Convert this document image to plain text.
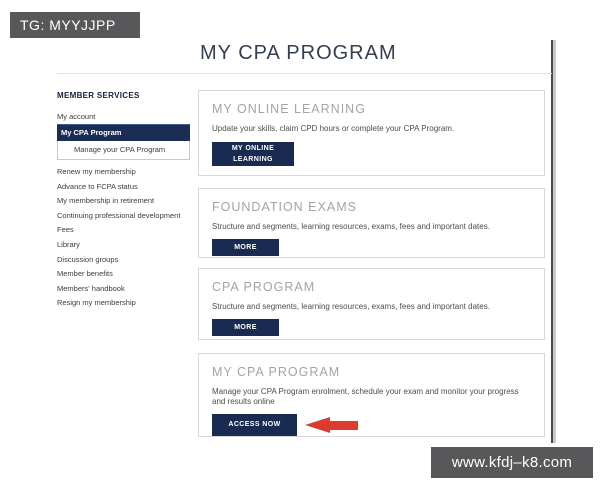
TG: MYYJJPP
MY CPA PROGRAM
MEMBER SERVICES
My account
My CPA Program
Manage your CPA Program
Renew my membership
Advance to FCPA status
My membership in retirement
Continuing professional development
Fees
Library
Discussion groups
Member benefits
Members' handbook
Resign my membership
MY ONLINE LEARNING

Update your skills, claim CPD hours or complete your CPA Program.

MY ONLINE LEARNING
FOUNDATION EXAMS

Structure and segments, learning resources, exams, fees and important dates.

MORE
CPA PROGRAM

Structure and segments, learning resources, exams, fees and important dates.

MORE
MY CPA PROGRAM

Manage your CPA Program enrolment, schedule your exam and monitor your progress and results online

ACCESS NOW
www.kfdj–k8.com
